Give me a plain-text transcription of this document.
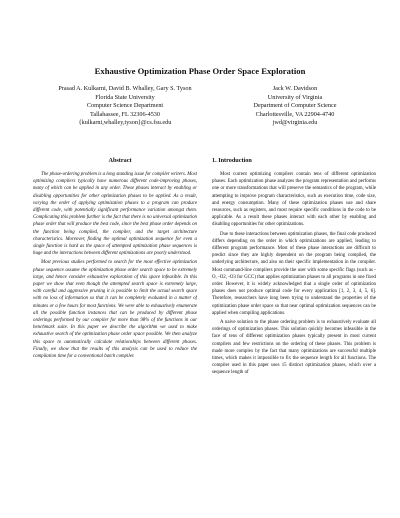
Exhaustive Optimization Phase Order Space Exploration
Prasad A. Kulkarni, David B. Whalley, Gary S. Tyson
Florida State University
Computer Science Department
Tallahassee, FL 32306-4530
{kulkarni,whalley,tyson}@cs.fsu.edu
Jack W. Davidson
University of Virginia
Department of Computer Science
Charlottesville, VA 22904-4740
jwd@virginia.edu
Abstract	1. Introduction

The phase-ordering problem is a long standing issue for compiler writers. Most optimizing compilers typically have numerous different code-improving phases, many of which can be applied in any order. These phases interact by enabling or disabling opportunities for other optimization phases to be applied. As a result, varying the order of applying optimization phases to a program can produce different code, with potentially significant performance variation amongst them. Complicating this problem further is the fact that there is no universal optimization phase order that will produce the best code, since the best phase order depends on the function being compiled, the compiler, and the target architecture characteristics. Moreover, finding the optimal optimization sequence for even a single function is hard as the space of attempted optimization phase sequences is huge and the interactions between different optimizations are poorly understood.

Most previous studies performed to search for the most effective optimization phase sequence assume the optimization phase order search space to be extremely large, and hence consider exhaustive exploration of this space infeasible. In this paper we show that even though the attempted search space is extremely large, with careful and aggressive pruning it is possible to limit the actual search space with no loss of information so that it can be completely evaluated in a matter of minutes or a few hours for most functions. We were able to exhaustively enumerate all the possible function instances that can be produced by different phase orderings performed by our compiler for more than 98% of the functions in our benchmark suite. In this paper we describe the algorithm we used to make exhaustive search of the optimization phase order space possible. We then analyze this space to automatically calculate relationships between different phases. Finally, we show that the results of this analysis can be used to reduce the compilation time for a conventional batch compiler.

Most current optimizing compilers contain tens of different optimization phases. Each optimization phase analyzes the program representation and performs one or more transformations that will preserve the semantics of the program, while attempting to improve program characteristics, such as execution time, code size, and energy consumption. Many of these optimization phases use and share resources, such as registers, and most require specific conditions in the code to be applicable. As a result these phases interact with each other by enabling and disabling opportunities for other optimizations.

Due to these interactions between optimization phases, the final code produced differs depending on the order in which optimizations are applied, leading to different program performance. Most of these phase interactions are difficult to predict since they are highly dependent on the program being compiled, the underlying architecture, and also on their specific implementation in the compiler. Most command-line compilers provide the user with some specific flags (such as -O, -O2, -O3 for GCC) that applies optimization phases to all programs in one fixed order. However, it is widely acknowledged that a single order of optimization phases does not produce optimal code for every application [1, 2, 3, 4, 5, 6]. Therefore, researchers have long been trying to understand the properties of the optimization phase order space so that near optimal optimization sequences can be applied when compiling applications.

A naive solution to the phase ordering problem is to exhaustively evaluate all orderings of optimization phases. This solution quickly becomes infeasible in the face of tens of different optimization phases typically present in most current compilers and few restrictions on the ordering of these phases. This problem is made more complex by the fact that many optimizations are successful multiple times, which makes it impossible to fix the sequence length for all functions. The compiler used in this paper uses 15 distinct optimization phases, which over a sequence length of
